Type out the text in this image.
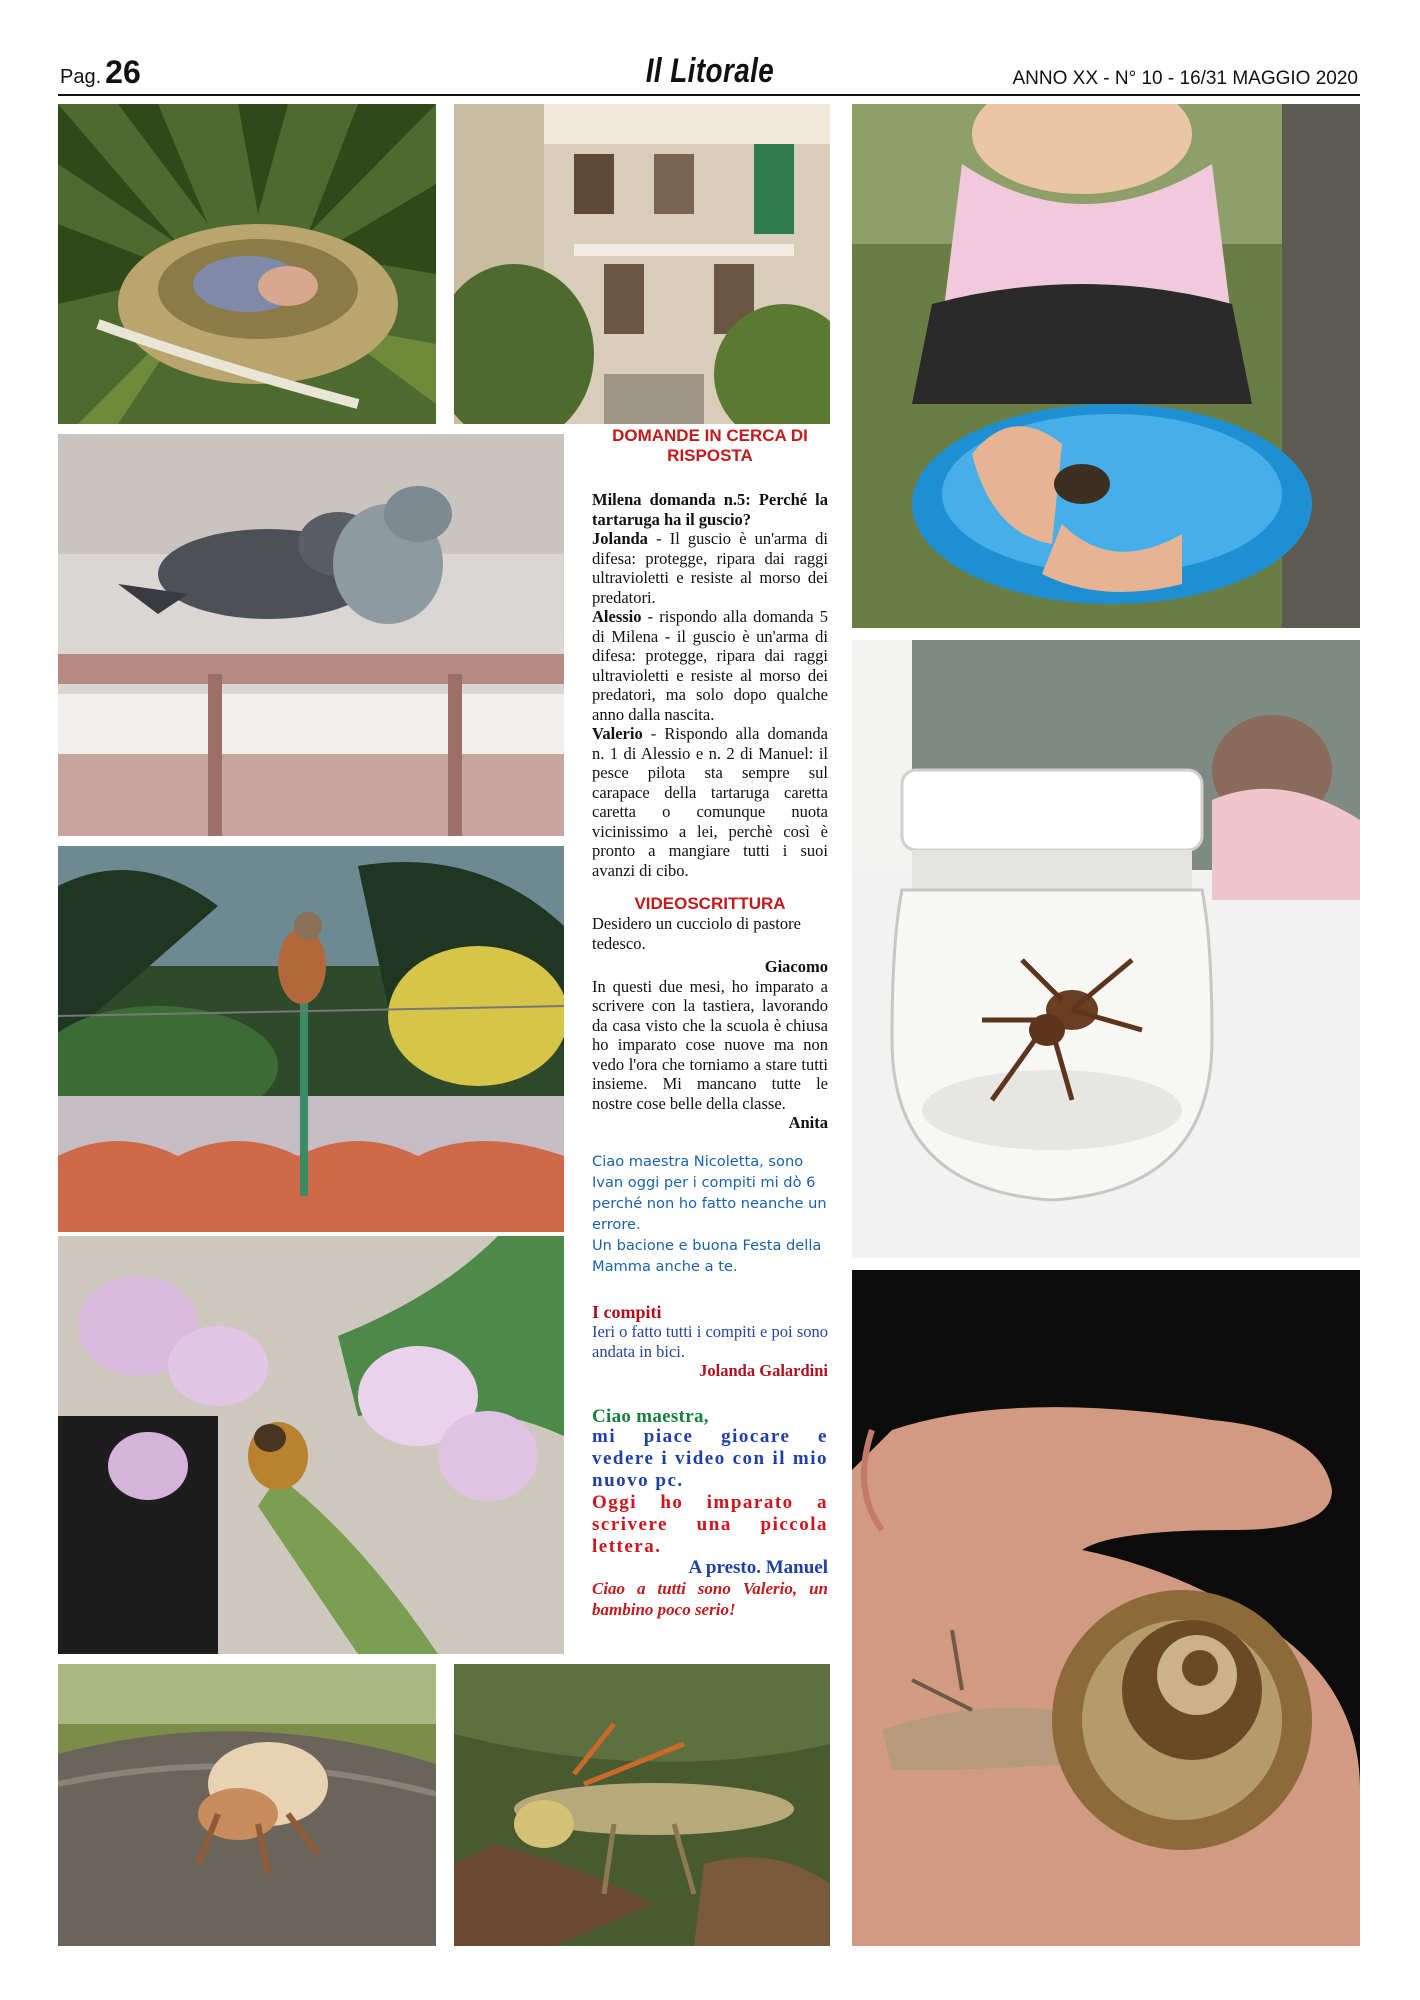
Pag. 26	Il Litorale	ANNO XX - N° 10 - 16/31 MAGGIO 2020
DOMANDE IN CERCA DI RISPOSTA

Milena domanda n.5: Perché la tartaruga ha il guscio?

Jolanda - Il guscio è un'arma di difesa: protegge, ripara dai raggi ultravioletti e resiste al morso dei predatori.

Alessio - rispondo alla domanda 5 di Milena - il guscio è un'arma di difesa: protegge, ripara dai raggi ultravioletti e resiste al morso dei predatori, ma solo dopo qualche anno dalla nascita.

Valerio - Rispondo alla domanda n. 1 di Alessio e n. 2 di Manuel: il pesce pilota sta sempre sul carapace della tartaruga caretta caretta o comunque nuota vicinissimo a lei, perchè così è pronto a mangiare tutti i suoi avanzi di cibo.

VIDEOSCRITTURA

Desidero un cucciolo di pastore tedesco.

Giacomo

In questi due mesi, ho imparato a scrivere con la tastiera, lavorando da casa visto che la scuola è chiusa ho imparato cose nuove ma non vedo l'ora che torniamo a stare tutti insieme. Mi mancano tutte le nostre cose belle della classe.

Anita

Ciao maestra Nicoletta, sono Ivan oggi per i compiti mi dò 6 perché non ho fatto neanche un errore.
Un bacione e buona Festa della Mamma anche a te.

I compiti

Ieri o fatto tutti i compiti e poi sono andata in bici.

Jolanda Galardini

Ciao maestra,

mi piace giocare e vedere i video con il mio nuovo pc.

Oggi ho imparato a scrivere una piccola lettera.

A presto. Manuel

Ciao a tutti sono Valerio, un bambino poco serio!
